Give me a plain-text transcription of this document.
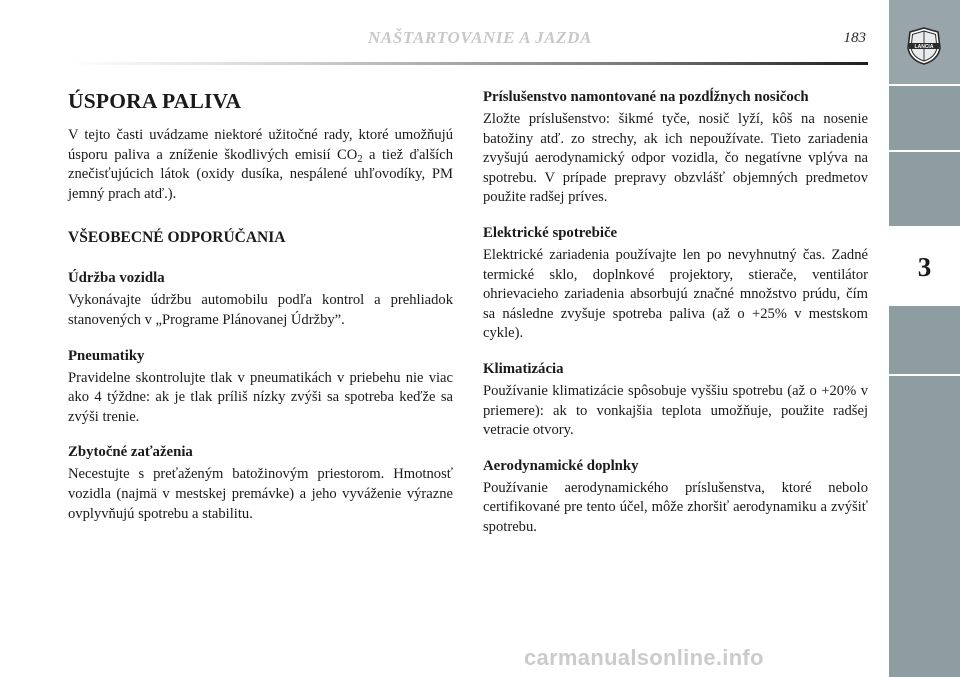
NAŠTARTOVANIE A JAZDA	183
LANCIA
3
ÚSPORA PALIVA

V tejto časti uvádzame niektoré užitočné rady, ktoré umožňujú úsporu paliva a zníženie škodlivých emisií $CO_2$ a tiež ďalších znečisťujúcich látok (oxidy dusíka, nespálené uhľovodíky, PM jemný prach atď.).

VŠEOBECNÉ ODPORÚČANIA
Údržba vozidla

Vykonávajte údržbu automobilu podľa kontrol a prehliadok stanovených v „Programe Plánovanej Údržby”.

Pneumatiky

Pravidelne skontrolujte tlak v pneumatikách v priebehu nie viac ako 4 týždne: ak je tlak príliš nízky zvýši sa spotreba keďže sa zvýši trenie.

Zbytočné zaťaženia

Necestujte s preťaženým batožinovým priestorom. Hmotnosť vozidla (najmä v mestskej premávke) a jeho vyváženie výrazne ovplyvňujú spotrebu a stabilitu.

Príslušenstvo namontované na pozdĺžnych nosičoch

Zložte príslušenstvo: šikmé tyče, nosič lyží, kôš na nosenie batožiny atď. zo strechy, ak ich nepoužívate. Tieto zariadenia zvyšujú aerodynamický odpor vozidla, čo negatívne vplýva na spotrebu. V prípade prepravy obzvlášť objemných predmetov použite radšej príves.

Elektrické spotrebiče

Elektrické zariadenia používajte len po nevyhnutný čas. Zadné termické sklo, doplnkové projektory, stierače, ventilátor ohrievacieho zariadenia absorbujú značné množstvo prúdu, čím sa následne zvyšuje spotreba paliva (až o +25% v mestskom cykle).

Klimatizácia

Používanie klimatizácie spôsobuje vyššiu spotrebu (až o +20% v priemere): ak to vonkajšia teplota umožňuje, použite radšej vetracie otvory.

Aerodynamické doplnky

Používanie aerodynamického príslušenstva, ktoré nebolo certifikované pre tento účel, môže zhoršiť aerodynamiku a zvýšiť spotrebu.

carmanualsonline.info
